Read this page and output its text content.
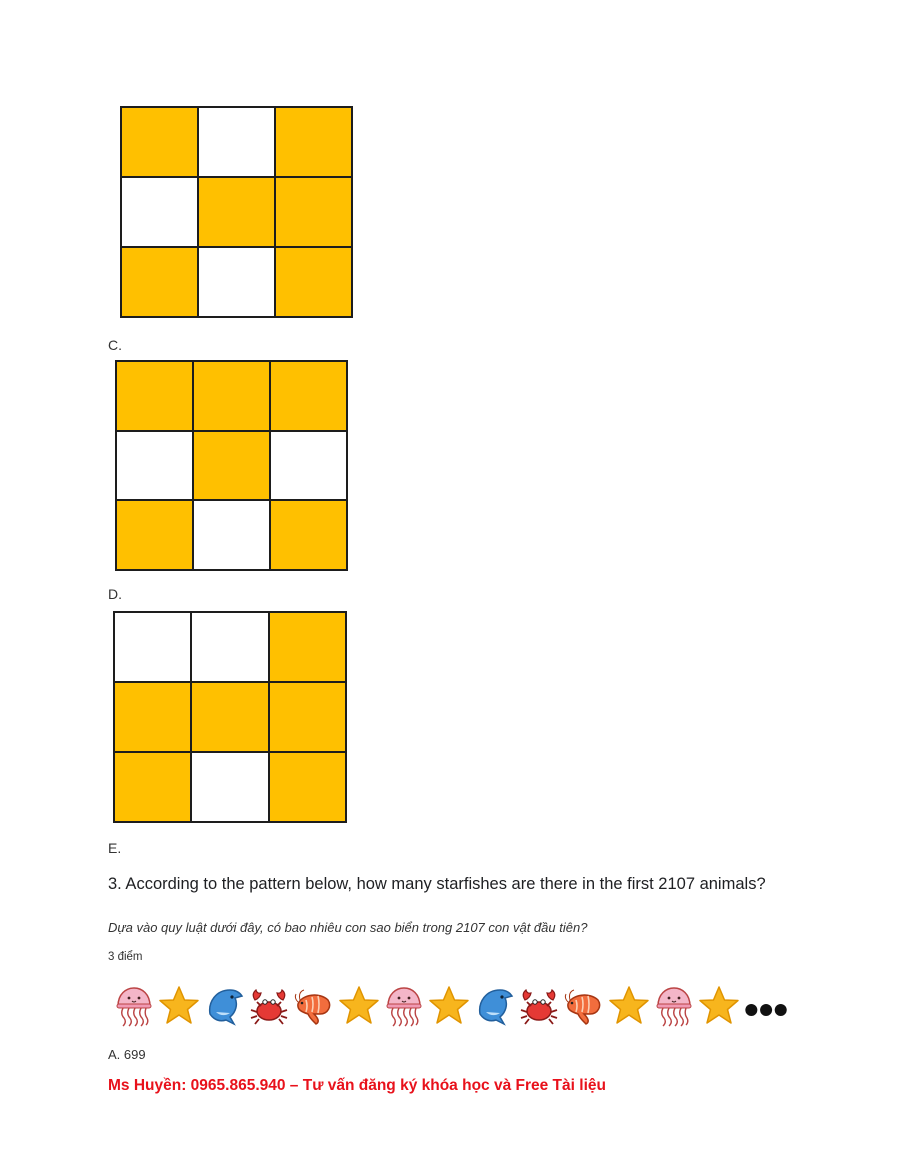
C.
D.
E.
3. According to the pattern below, how many starfishes are there in the first 2107 animals?
Dựa vào quy luật dưới đây, có bao nhiêu con sao biển trong 2107 con vật đầu tiên?
3 điểm
•••
A. 699
Ms Huyền: 0965.865.940 – Tư vấn đăng ký khóa học và Free Tài liệu
